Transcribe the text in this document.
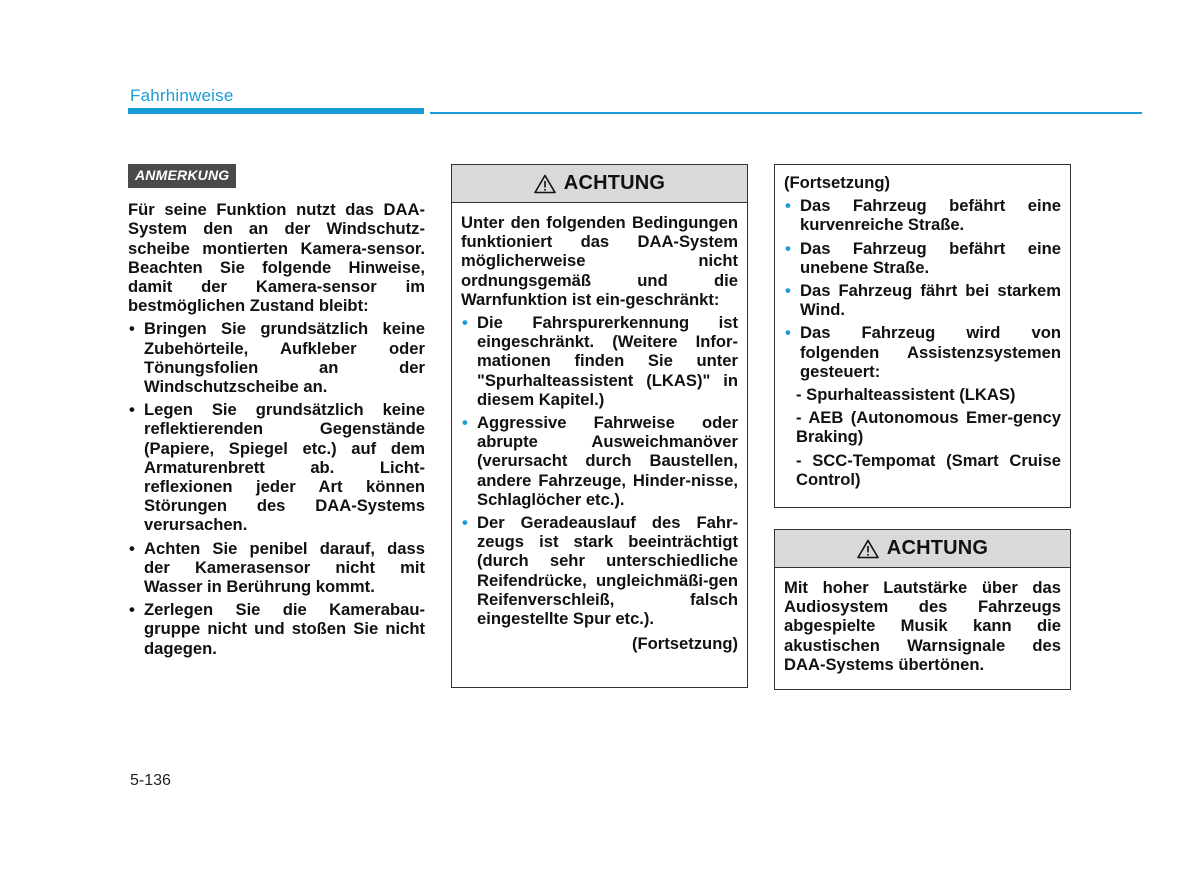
Fahrhinweise
ANMERKUNG

Für seine Funktion nutzt das DAA-System den an der Windschutz-scheibe montierten Kamera-sensor. Beachten Sie folgende Hinweise, damit der Kamera-sensor im bestmöglichen Zustand bleibt:

• Bringen Sie grundsätzlich keine Zubehörteile, Aufkleber oder Tönungsfolien an der Windschutzscheibe an.
• Legen Sie grundsätzlich keine reflektierenden Gegenstände (Papiere, Spiegel etc.) auf dem Armaturenbrett ab. Licht-reflexionen jeder Art können Störungen des DAA-Systems verursachen.
• Achten Sie penibel darauf, dass der Kamerasensor nicht mit Wasser in Berührung kommt.
• Zerlegen Sie die Kamerabau-gruppe nicht und stoßen Sie nicht dagegen.
ACHTUNG

Unter den folgenden Bedingungen funktioniert das DAA-System möglicherweise nicht ordnungsgemäß und die Warnfunktion ist ein-geschränkt:

• Die Fahrspurerkennung ist eingeschränkt. (Weitere Infor-mationen finden Sie unter "Spurhalteassistent (LKAS)" in diesem Kapitel.)
• Aggressive Fahrweise oder abrupte Ausweichmanöver (verursacht durch Baustellen, andere Fahrzeuge, Hinder-nisse, Schlaglöcher etc.).
• Der Geradeauslauf des Fahr-zeugs ist stark beeinträchtigt (durch sehr unterschiedliche Reifendrücke, ungleichmäßi-gen Reifenverschleiß, falsch eingestellte Spur etc.).
(Fortsetzung)
(Fortsetzung)
• Das Fahrzeug befährt eine kurvenreiche Straße.
• Das Fahrzeug befährt eine unebene Straße.
• Das Fahrzeug fährt bei starkem Wind.
• Das Fahrzeug wird von folgenden Assistenzsystemen gesteuert:
- Spurhalteassistent (LKAS)
- AEB (Autonomous Emer-gency Braking)
- SCC-Tempomat (Smart Cruise Control)
ACHTUNG

Mit hoher Lautstärke über das Audiosystem des Fahrzeugs abgespielte Musik kann die akustischen Warnsignale des DAA-Systems übertönen.

5-136
